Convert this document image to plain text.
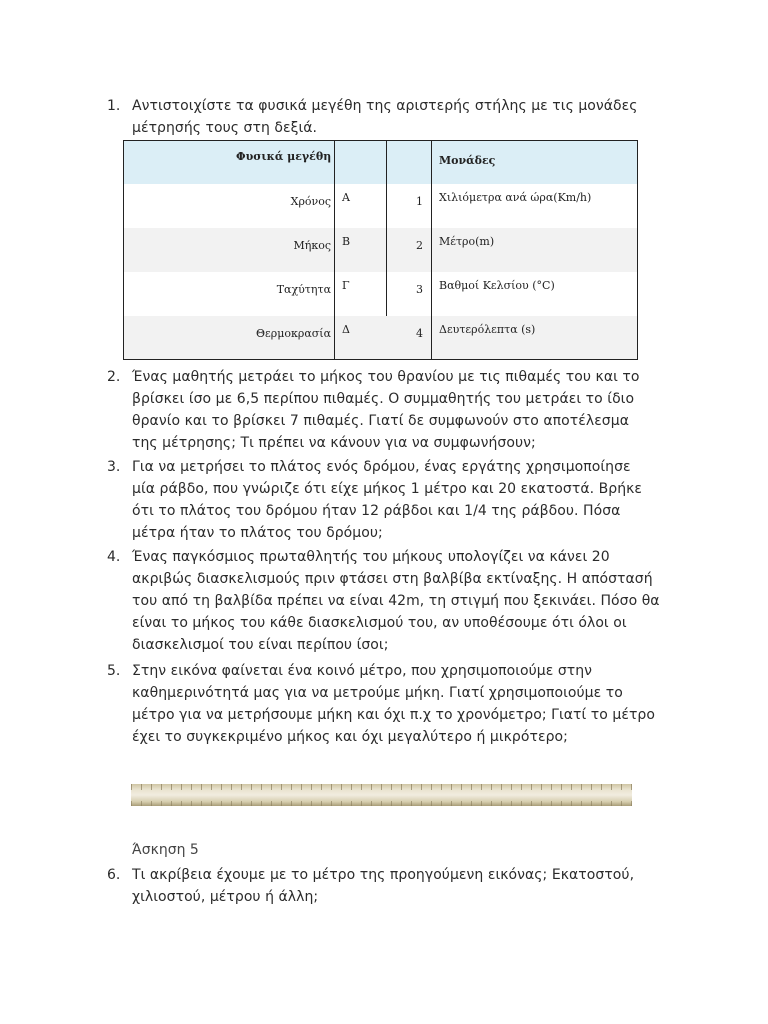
1. Αντιστοιχίστε τα φυσικά μεγέθη της αριστερής στήλης με τις μονάδες
μέτρησής τους στη δεξιά.
Φυσικά μεγέθη	Μονάδες
Χρόνος Α	1 Χιλιόμετρα ανά ώρα(Km/h)
Μήκος Β	2 Μέτρο(m)
Ταχύτητα Γ	3 Βαθμοί Κελσίου (°C)
Θερμοκρασία Δ	4 Δευτερόλεπτα (s)
2. Ένας μαθητής μετράει το μήκος του θρανίου με τις πιθαμές του και το
βρίσκει ίσο με 6,5 περίπου πιθαμές. Ο συμμαθητής του μετράει το ίδιο
θρανίο και το βρίσκει 7 πιθαμές. Γιατί δε συμφωνούν στο αποτέλεσμα
της μέτρησης; Τι πρέπει να κάνουν για να συμφωνήσουν;
3. Για να μετρήσει το πλάτος ενός δρόμου, ένας εργάτης χρησιμοποίησε
μία ράβδο, που γνώριζε ότι είχε μήκος 1 μέτρο και 20 εκατοστά. Βρήκε
ότι το πλάτος του δρόμου ήταν 12 ράβδοι και 1/4 της ράβδου. Πόσα
μέτρα ήταν το πλάτος του δρόμου;
4. Ένας παγκόσμιος πρωταθλητής του μήκους υπολογίζει να κάνει 20
ακριβώς διασκελισμούς πριν φτάσει στη βαλβίβα εκτίναξης. Η απόστασή
του από τη βαλβίδα πρέπει να είναι 42m, τη στιγμή που ξεκινάει. Πόσο θα
είναι το μήκος του κάθε διασκελισμού του, αν υποθέσουμε ότι όλοι οι
διασκελισμοί του είναι περίπου ίσοι;
5. Στην εικόνα φαίνεται ένα κοινό μέτρο, που χρησιμοποιούμε στην
καθημερινότητά μας για να μετρούμε μήκη. Γιατί χρησιμοποιούμε το
μέτρο για να μετρήσουμε μήκη και όχι π.χ το χρονόμετρο; Γιατί το μέτρο
έχει το συγκεκριμένο μήκος και όχι μεγαλύτερο ή μικρότερο;
Άσκηση 5
6. Τι ακρίβεια έχουμε με το μέτρο της προηγούμενη εικόνας; Εκατοστού,
χιλιοστού, μέτρου ή άλλη;
